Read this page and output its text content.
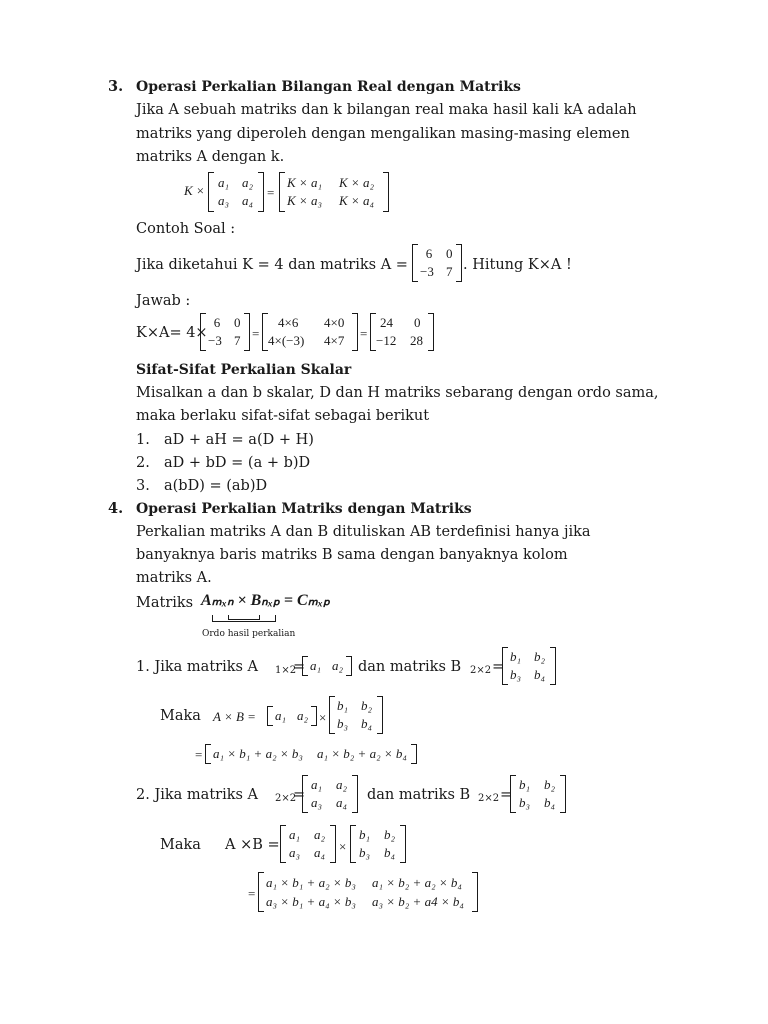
3. Operasi Perkalian Bilangan Real dengan Matriks
Jika A sebuah matriks dan k bilangan real maka hasil kali kA adalah
matriks yang diperoleh dengan mengalikan masing-masing elemen
matriks A dengan k.
K ×
a₁ a₂
a₃ a₄
=
K × a₁ K × a₂
K × a₃ K × a₄
Contoh Soal :
Jika diketahui K = 4 dan matriks A =
6 0
−3 7 . Hitung K×A !
Jawab :
K×A= 4×
6 0
−3 7 =
4×6 4×0
4×(−3) 4×7 =
24 0
−12 28
Sifat-Sifat Perkalian Skalar
Misalkan a dan b skalar, D dan H matriks sebarang dengan ordo sama,
maka berlaku sifat-sifat sebagai berikut
1. aD + aH = a(D + H)
2. aD + bD = (a + b)D
3. a(bD) = (ab)D
4. Operasi Perkalian Matriks dengan Matriks
Perkalian matriks A dan B dituliskan AB terdefinisi hanya jika
banyaknya baris matriks B sama dengan banyaknya kolom
matriks A.
Matriks Aₘₓₙ × Bₙₓₚ = Cₘₓₚ
Ordo hasil perkalian
1. Jika matriks A 1×2
= a₁ a₂ dan matriks B 2×2 =
b₁ b₂
b₃ b₄
Maka A × B = a₁ a₂ ×
b₁ b₂
b₃ b₄
= a₁ × b₁ + a₂ × b₃ a₁ × b₂ + a₂ × b₄
2. Jika matriks A 2×2
=
a₁ a₂
a₃ a₄ dan matriks B 2×2 =
b₁ b₂
b₃ b₄
Maka A ×B =
a₁ a₂
a₃ a₄ ×
b₁ b₂
b₃ b₄
=
a₁ × b₁ + a₂ × b₃ a₁ × b₂ + a₂ × b₄
a₃ × b₁ + a₄ × b₃ a₃ × b₂ + a4 × b₄
